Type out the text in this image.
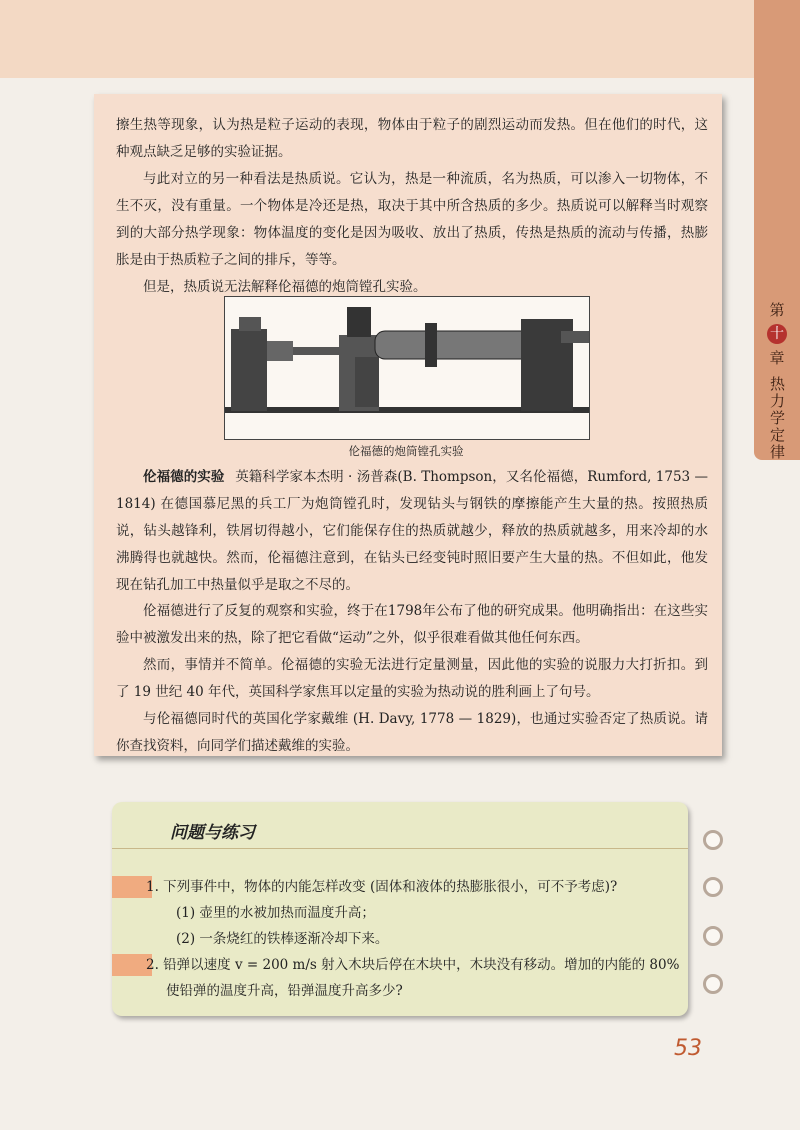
第
十
章
热力学定律

擦生热等现象，认为热是粒子运动的表现，物体由于粒子的剧烈运动而发热。但在他们的时代，这种观点缺乏足够的实验证据。

与此对立的另一种看法是热质说。它认为，热是一种流质，名为热质，可以渗入一切物体，不生不灭，没有重量。一个物体是冷还是热，取决于其中所含热质的多少。热质说可以解释当时观察到的大部分热学现象：物体温度的变化是因为吸收、放出了热质，传热是热质的流动与传播，热膨胀是由于热质粒子之间的排斥，等等。

但是，热质说无法解释伦福德的炮筒镗孔实验。

伦福德的炮筒镗孔实验

伦福德的实验 英籍科学家本杰明 · 汤普森(B. Thompson，又名伦福德，Rumford, 1753 — 1814) 在德国慕尼黑的兵工厂为炮筒镗孔时，发现钻头与钢铁的摩擦能产生大量的热。按照热质说，钻头越锋利，铁屑切得越小，它们能保存住的热质就越少，释放的热质就越多，用来冷却的水沸腾得也就越快。然而，伦福德注意到，在钻头已经变钝时照旧要产生大量的热。不但如此，他发现在钻孔加工中热量似乎是取之不尽的。

伦福德进行了反复的观察和实验，终于在1798年公布了他的研究成果。他明确指出：在这些实验中被激发出来的热，除了把它看做“运动”之外，似乎很难看做其他任何东西。

然而，事情并不简单。伦福德的实验无法进行定量测量，因此他的实验的说服力大打折扣。到了 19 世纪 40 年代，英国科学家焦耳以定量的实验为热动说的胜利画上了句号。

与伦福德同时代的英国化学家戴维 (H. Davy, 1778 — 1829)，也通过实验否定了热质说。请你查找资料，向同学们描述戴维的实验。

问题与练习
1. 下列事件中，物体的内能怎样改变 (固体和液体的热膨胀很小，可不予考虑)?
(1) 壶里的水被加热而温度升高；
(2) 一条烧红的铁棒逐渐冷却下来。
2. 铅弹以速度 v = 200 m/s 射入木块后停在木块中，木块没有移动。增加的内能的 80%
使铅弹的温度升高，铅弹温度升高多少?
53
